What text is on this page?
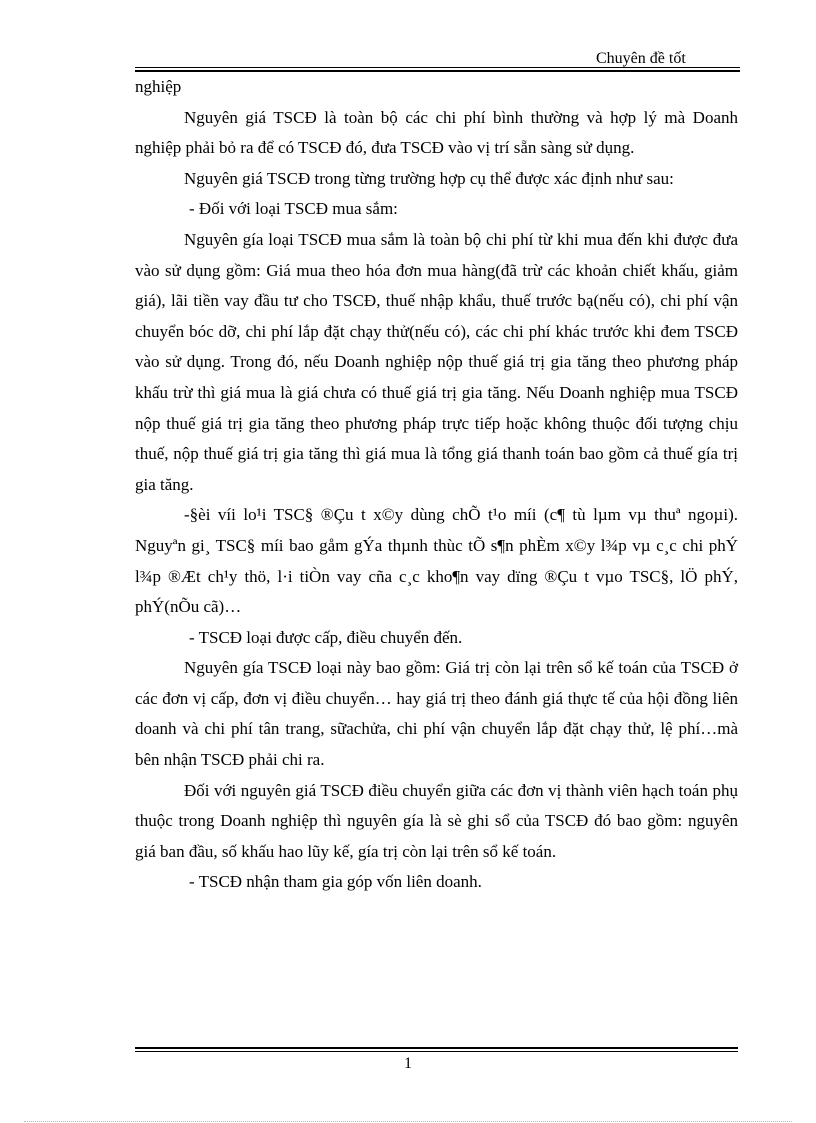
Chuyên đề tốt

nghiệp

Nguyên giá TSCĐ là toàn bộ các chi phí bình thường và hợp lý mà Doanh nghiệp phải bỏ ra để có TSCĐ đó, đưa TSCĐ vào vị trí sẵn sàng sử dụng.

Nguyên giá TSCĐ trong từng trường hợp cụ thể được xác định như sau:

- Đối với loại TSCĐ mua sắm:

Nguyên gía loại TSCĐ mua sắm là toàn bộ chi phí từ khi mua đến khi được đưa vào sử dụng gồm: Giá mua theo hóa đơn mua hàng(đã trừ các khoản chiết khấu, giảm giá), lãi tiền vay đầu tư cho TSCĐ, thuế nhập khẩu, thuế trước bạ(nếu có), chi phí vận chuyển bóc dỡ, chi phí lắp đặt chạy thử(nếu có), các chi phí khác trước khi đem TSCĐ vào sử dụng. Trong đó, nếu Doanh nghiệp nộp thuế giá trị gia tăng theo phương pháp khấu trừ thì giá mua là giá chưa có thuế giá trị gia tăng. Nếu Doanh nghiệp mua TSCĐ nộp thuế giá trị gia tăng theo phương pháp trực tiếp hoặc không thuộc đối tượng chịu thuế, nộp thuế giá trị gia tăng thì giá mua là tổng giá thanh toán bao gồm cả thuế gía trị gia tăng.

-§èi víi lo¹i TSC§ ®Çu t x©y dùng chÕ t¹o míi (c¶ tù lµm vµ thuª ngoµi). Nguyªn gi¸ TSC§ míi bao gåm gÝa thµnh thùc tÕ s¶n phÈm x©y l¾p vµ c¸c chi phÝ l¾p ®Æt ch¹y thö, l·i tiÒn vay cña c¸c kho¶n vay dïng ®Çu t vµo TSC§, lÖ phÝ, phÝ(nÕu cã)…

- TSCĐ loại được cấp, điều chuyển đến.

Nguyên gía TSCĐ loại này bao gồm: Giá trị còn lại trên sổ kế toán của TSCĐ ở các đơn vị cấp, đơn vị điều chuyển… hay giá trị theo đánh giá thực tế của hội đồng liên doanh và chi phí tân trang, sữachửa, chi phí vận chuyển lắp đặt chạy thử, lệ phí…mà bên nhận TSCĐ phải chi ra.

Đối với nguyên giá TSCĐ điều chuyển giữa các đơn vị thành viên hạch toán phụ thuộc trong Doanh nghiệp thì nguyên gía là sè ghi sổ của TSCĐ đó bao gồm: nguyên giá ban đầu, số khấu hao lũy kế, gía trị còn lại trên sổ kế toán.

- TSCĐ nhận tham gia góp vốn liên doanh.

1
